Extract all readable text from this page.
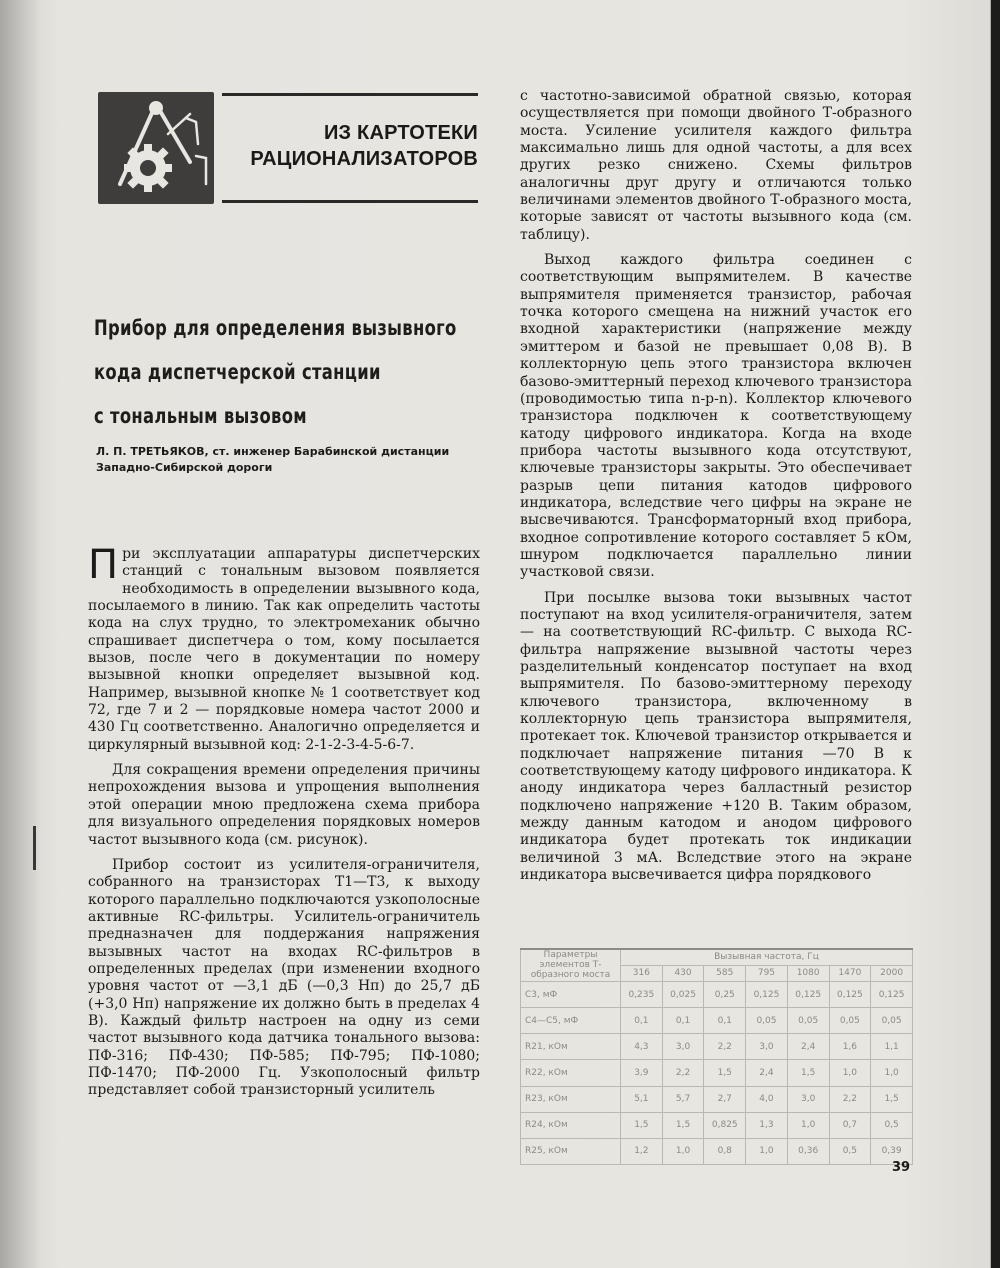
ИЗ КАРТОТЕКИ
РАЦИОНАЛИЗАТОРОВ
Прибор для определения вызывного
кода диспетчерской станции
с тональным вызовом
Л. П. ТРЕТЬЯКОВ, ст. инженер Барабинской дистанции
Западно-Сибирской дороги

При эксплуатации аппаратуры диспетчерских станций с тональным вызовом появляется необходимость в определении вызывного кода, посылаемого в линию. Так как определить частоты кода на слух трудно, то электромеханик обычно спрашивает диспетчера о том, кому посылается вызов, после чего в документации по номеру вызывной кнопки определяет вызывной код. Например, вызывной кнопке № 1 соответствует код 72, где 7 и 2 — порядковые номера частот 2000 и 430 Гц соответственно. Аналогично определяется и циркулярный вызывной код: 2-1-2-3-4-5-6-7.

Для сокращения времени определения причины непрохождения вызова и упрощения выполнения этой операции мною предложена схема прибора для визуального определения порядковых номеров частот вызывного кода (см. рисунок).

Прибор состоит из усилителя-ограничителя, собранного на транзисторах Т1—Т3, к выходу которого параллельно подключаются узкополосные активные RC-фильтры. Усилитель-ограничитель предназначен для поддержания напряжения вызывных частот на входах RC-фильтров в определенных пределах (при изменении входного уровня частот от —3,1 дБ (—0,3 Нп) до 25,7 дБ (+3,0 Нп) напряжение их должно быть в пределах 4 В). Каждый фильтр настроен на одну из семи частот вызывного кода датчика тонального вызова: ПФ-316; ПФ-430; ПФ-585; ПФ-795; ПФ-1080; ПФ-1470; ПФ-2000 Гц. Узкополосный фильтр представляет собой транзисторный усилитель

с частотно-зависимой обратной связью, которая осуществляется при помощи двойного Т-образного моста. Усиление усилителя каждого фильтра максимально лишь для одной частоты, а для всех других резко снижено. Схемы фильтров аналогичны друг другу и отличаются только величинами элементов двойного Т-образного моста, которые зависят от частоты вызывного кода (см. таблицу).

Выход каждого фильтра соединен с соответствующим выпрямителем. В качестве выпрямителя применяется транзистор, рабочая точка которого смещена на нижний участок его входной характеристики (напряжение между эмиттером и базой не превышает 0,08 В). В коллекторную цепь этого транзистора включен базово-эмиттерный переход ключевого транзистора (проводимостью типа n-p-n). Коллектор ключевого транзистора подключен к соответствующему катоду цифрового индикатора. Когда на входе прибора частоты вызывного кода отсутствуют, ключевые транзисторы закрыты. Это обеспечивает разрыв цепи питания катодов цифрового индикатора, вследствие чего цифры на экране не высвечиваются. Трансформаторный вход прибора, входное сопротивление которого составляет 5 кОм, шнуром подключается параллельно линии участковой связи.

При посылке вызова токи вызывных частот поступают на вход усилителя-ограничителя, затем — на соответствующий RC-фильтр. С выхода RC-фильтра напряжение вызывной частоты через разделительный конденсатор поступает на вход выпрямителя. По базово-эмиттерному переходу ключевого транзистора, включенному в коллекторную цепь транзистора выпрямителя, протекает ток. Ключевой транзистор открывается и подключает напряжение питания —70 В к соответствующему катоду цифрового индикатора. К аноду индикатора через балластный резистор подключено напряжение +120 В. Таким образом, между данным катодом и анодом цифрового индикатора будет протекать ток индикации величиной 3 мА. Вследствие этого на экране индикатора высвечивается цифра порядкового

Параметры элементов Т-образного моста	Вызывная частота, Гц						
	316	430	585	795	1080	1470	2000
C3, мФ	0,235	0,025	0,25	0,125	0,125	0,125	0,125
C4—C5, мФ	0,1	0,1	0,1	0,05	0,05	0,05	0,05
R21, кОм	4,3	3,0	2,2	3,0	2,4	1,6	1,1
R22, кОм	3,9	2,2	1,5	2,4	1,5	1,0	1,0
R23, кОм	5,1	5,7	2,7	4,0	3,0	2,2	1,5
R24, кОм	1,5	1,5	0,825	1,3	1,0	0,7	0,5
R25, кОм	1,2	1,0	0,8	1,0	0,36	0,5	0,39
39
